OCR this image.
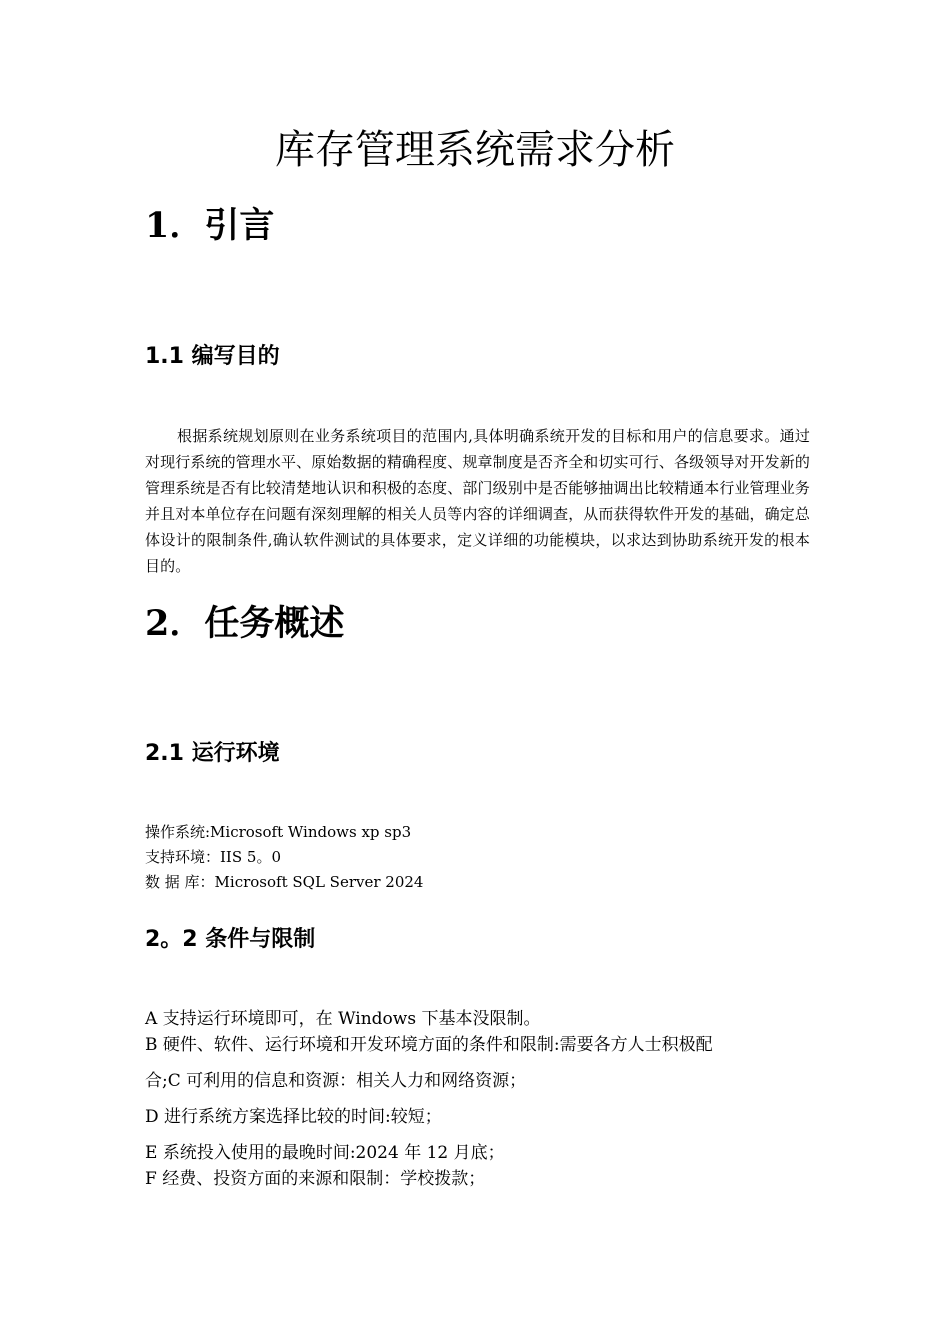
库存管理系统需求分析
1．引言
1.1 编写目的

根据系统规划原则在业务系统项目的范围内,具体明确系统开发的目标和用户的信息要求。通过对现行系统的管理水平、原始数据的精确程度、规章制度是否齐全和切实可行、各级领导对开发新的管理系统是否有比较清楚地认识和积极的态度、部门级别中是否能够抽调出比较精通本行业管理业务并且对本单位存在问题有深刻理解的相关人员等内容的详细调查，从而获得软件开发的基础，确定总体设计的限制条件,确认软件测试的具体要求，定义详细的功能模块，以求达到协助系统开发的根本目的。

2．任务概述
2.1 运行环境
操作系统:Microsoft Windows xp sp3
支持环境：IIS 5。0
数 据 库：Microsoft SQL Server 2024
2。2 条件与限制
A 支持运行环境即可，在 Windows 下基本没限制。
B 硬件、软件、运行环境和开发环境方面的条件和限制:需要各方人士积极配
合;C 可利用的信息和资源：相关人力和网络资源；
D 进行系统方案选择比较的时间:较短；
E 系统投入使用的最晚时间:2024 年 12 月底；
F 经费、投资方面的来源和限制：学校拨款；
